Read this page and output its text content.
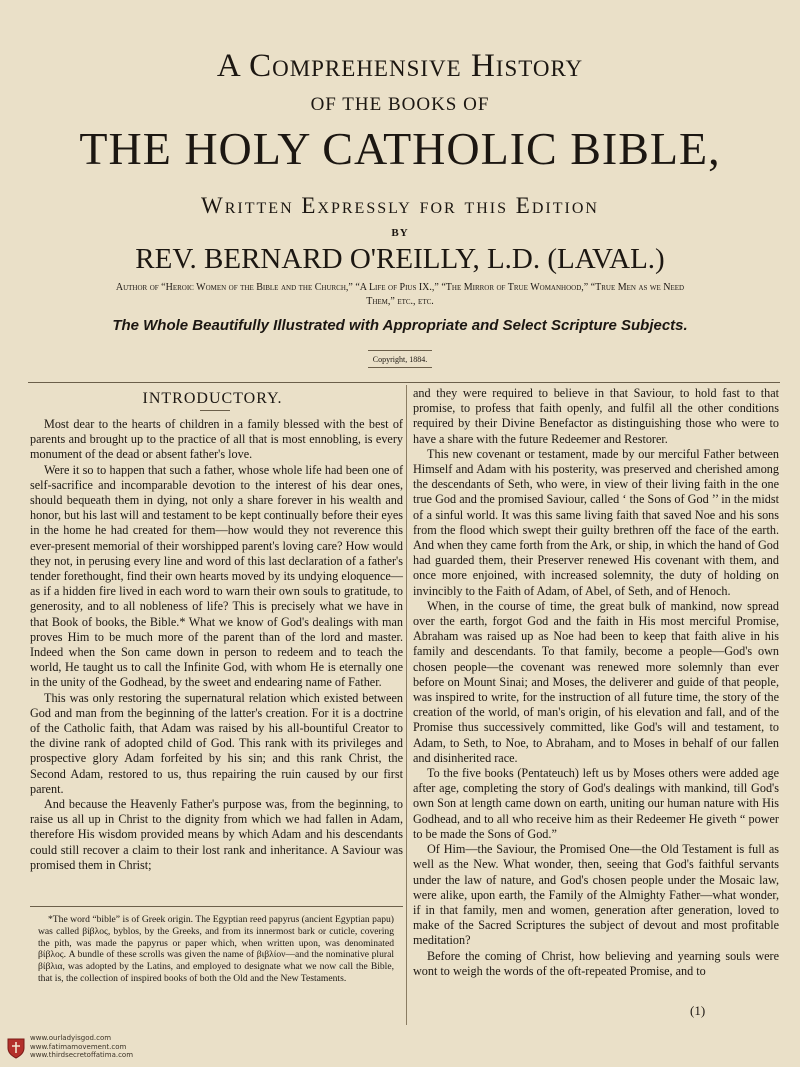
A Comprehensive History
OF THE BOOKS OF
THE HOLY CATHOLIC BIBLE,
Written Expressly for this Edition
BY
REV. BERNARD O'REILLY, L.D. (LAVAL.)
Author of “Heroic Women of the Bible and the Church,” “A Life of Pius IX.,” “The Mirror of True Womanhood,” “True Men as we Need Them,” etc., etc.
The Whole Beautifully Illustrated with Appropriate and Select Scripture Subjects.
Copyright, 1884.
INTRODUCTORY.

Most dear to the hearts of children in a family blessed with the best of parents and brought up to the practice of all that is most ennobling, is every monument of the dead or absent father's love.

Were it so to happen that such a father, whose whole life had been one of self-sacrifice and incomparable devotion to the interest of his dear ones, should bequeath them in dying, not only a share forever in his wealth and honor, but his last will and testament to be kept continually before their eyes in the home he had created for them—how would they not reverence this ever-present memorial of their worshipped parent's loving care? How would they not, in perusing every line and word of this last declaration of a father's tender forethought, find their own hearts moved by its undying eloquence—as if a hidden fire lived in each word to warn their own souls to gratitude, to generosity, and to all nobleness of life? This is precisely what we have in that Book of books, the Bible.* What we know of God's dealings with man proves Him to be much more of the parent than of the lord and master. Indeed when the Son came down in person to redeem and to teach the world, He taught us to call the Infinite God, with whom He is eternally one in the unity of the Godhead, by the sweet and endearing name of Father.

This was only restoring the supernatural relation which existed between God and man from the beginning of the latter's creation. For it is a doctrine of the Catholic faith, that Adam was raised by his all-bountiful Creator to the divine rank of adopted child of God. This rank with its privileges and prospective glory Adam forfeited by his sin; and this rank Christ, the Second Adam, restored to us, thus repairing the ruin caused by our first parent.

And because the Heavenly Father's purpose was, from the beginning, to raise us all up in Christ to the dignity from which we had fallen in Adam, therefore His wisdom provided means by which Adam and his descendants could still recover a claim to their lost rank and inheritance. A Saviour was promised them in Christ;

*The word “bible” is of Greek origin. The Egyptian reed papyrus (ancient Egyptian papu) was called βίβλος, byblos, by the Greeks, and from its innermost bark or cuticle, covering the pith, was made the papyrus or paper which, when written upon, was denominated βίβλος. A bundle of these scrolls was given the name of βιβλίον—and the nominative plural βίβλια, was adopted by the Latins, and employed to designate what we now call the Bible, that is, the collection of inspired books of both the Old and the New Testaments.

and they were required to believe in that Saviour, to hold fast to that promise, to profess that faith openly, and fulfil all the other conditions required by their Divine Benefactor as distinguishing those who were to have a share with the future Redeemer and Restorer.

This new covenant or testament, made by our merciful Father between Himself and Adam with his posterity, was preserved and cherished among the descendants of Seth, who were, in view of their living faith in the one true God and the promised Saviour, called ‘ the Sons of God ’’ in the midst of a sinful world. It was this same living faith that saved Noe and his sons from the flood which swept their guilty brethren off the face of the earth. And when they came forth from the Ark, or ship, in which the hand of God had guarded them, their Preserver renewed His covenant with them, and once more enjoined, with increased solemnity, the duty of holding on invincibly to the Faith of Adam, of Abel, of Seth, and of Henoch.

When, in the course of time, the great bulk of mankind, now spread over the earth, forgot God and the faith in His most merciful Promise, Abraham was raised up as Noe had been to keep that faith alive in his family and descendants. To that family, become a people—God's own chosen people—the covenant was renewed more solemnly than ever before on Mount Sinai; and Moses, the deliverer and guide of that people, was inspired to write, for the instruction of all future time, the story of the creation of the world, of man's origin, of his elevation and fall, and of the Promise thus successively committed, like God's will and testament, to Adam, to Seth, to Noe, to Abraham, and to Moses in behalf of our fallen and disinherited race.

To the five books (Pentateuch) left us by Moses others were added age after age, completing the story of God's dealings with mankind, till God's own Son at length came down on earth, uniting our human nature with His Godhead, and to all who receive him as their Redeemer He giveth “ power to be made the Sons of God.”

Of Him—the Saviour, the Promised One—the Old Testament is full as well as the New. What wonder, then, seeing that God's faithful servants under the law of nature, and God's chosen people under the Mosaic law, were alike, upon earth, the Family of the Almighty Father—what wonder, if in that family, men and women, generation after generation, loved to make of the Sacred Scriptures the subject of devout and most profitable meditation?

Before the coming of Christ, how believing and yearning souls were wont to weigh the words of the oft-repeated Promise, and to

(1)
www.ourladyisgod.com
www.fatimamovement.com
www.thirdsecretoffatima.com
